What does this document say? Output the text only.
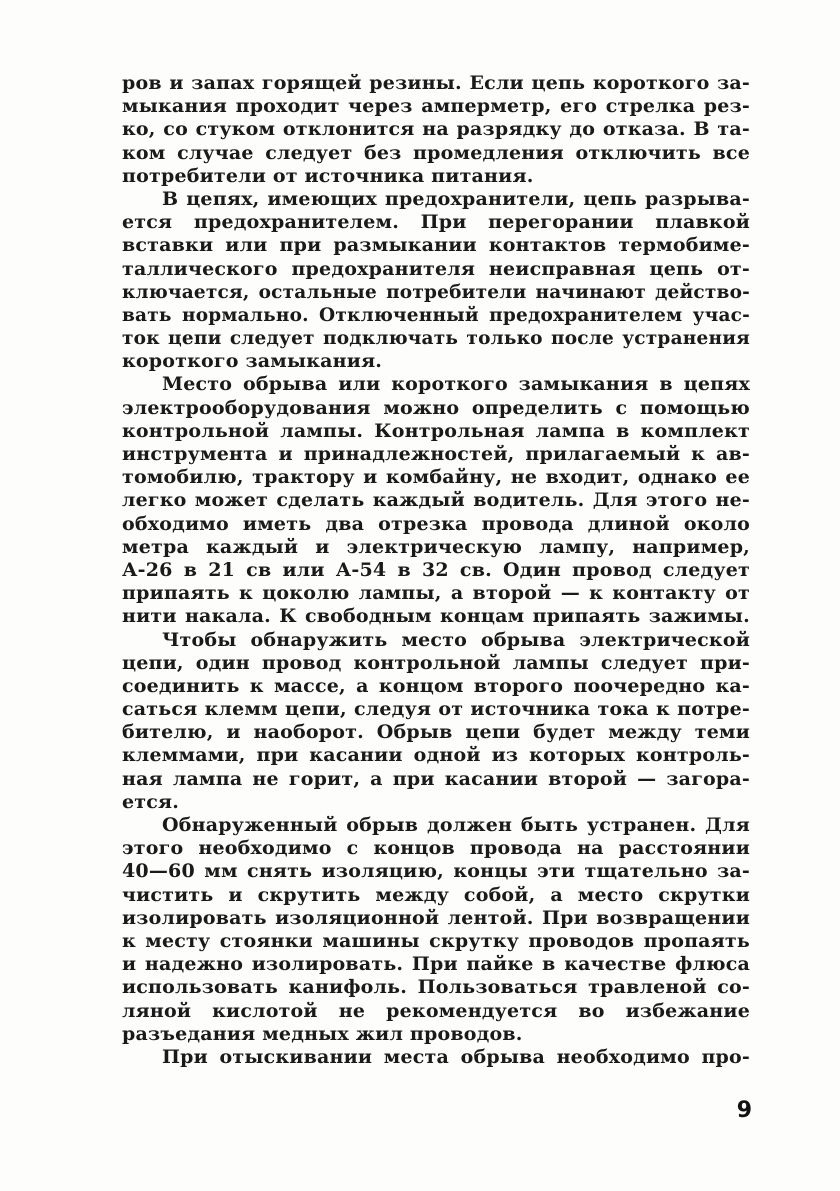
ров и запах горящей резины. Если цепь короткого за-
мыкания проходит через амперметр, его стрелка рез-
ко, со стуком отклонится на разрядку до отказа. В та-
ком случае следует без промедления отключить все
потребители от источника питания.
В цепях, имеющих предохранители, цепь разрыва-
ется предохранителем. При перегорании плавкой
вставки или при размыкании контактов термобиме-
таллического предохранителя неисправная цепь от-
ключается, остальные потребители начинают действо-
вать нормально. Отключенный предохранителем учас-
ток цепи следует подключать только после устранения
короткого замыкания.
Место обрыва или короткого замыкания в цепях
электрооборудования можно определить с помощью
контрольной лампы. Контрольная лампа в комплект
инструмента и принадлежностей, прилагаемый к ав-
томобилю, трактору и комбайну, не входит, однако ее
легко может сделать каждый водитель. Для этого не-
обходимо иметь два отрезка провода длиной около
метра каждый и электрическую лампу, например,
А-26 в 21 св или А-54 в 32 св. Один провод следует
припаять к цоколю лампы, а второй — к контакту от
нити накала. К свободным концам припаять зажимы.
Чтобы обнаружить место обрыва электрической
цепи, один провод контрольной лампы следует при-
соединить к массе, а концом второго поочередно ка-
саться клемм цепи, следуя от источника тока к потре-
бителю, и наоборот. Обрыв цепи будет между теми
клеммами, при касании одной из которых контроль-
ная лампа не горит, а при касании второй — загора-
ется.
Обнаруженный обрыв должен быть устранен. Для
этого необходимо с концов провода на расстоянии
40—60 мм снять изоляцию, концы эти тщательно за-
чистить и скрутить между собой, а место скрутки
изолировать изоляционной лентой. При возвращении
к месту стоянки машины скрутку проводов пропаять
и надежно изолировать. При пайке в качестве флюса
использовать канифоль. Пользоваться травленой со-
ляной кислотой не рекомендуется во избежание
разъедания медных жил проводов.
При отыскивании места обрыва необходимо про-
9
